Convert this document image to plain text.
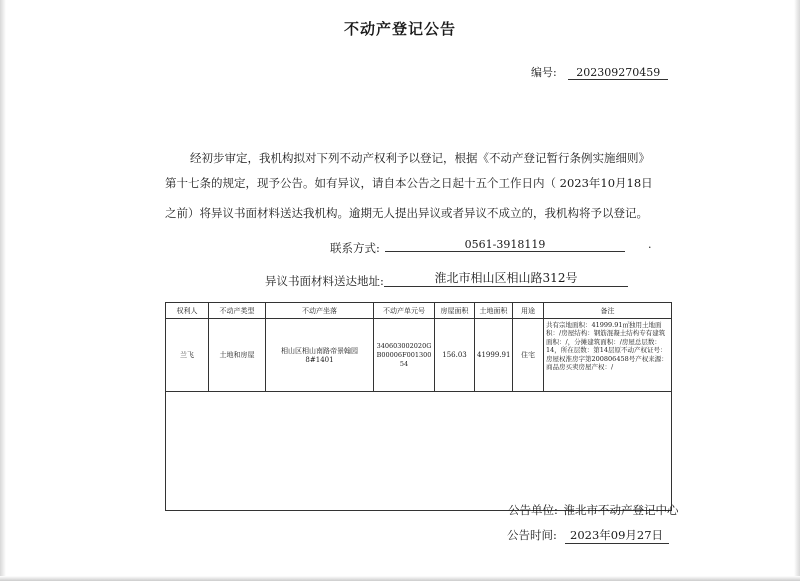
不动产登记公告
编号: 202309270459
经初步审定，我机构拟对下列不动产权利予以登记，根据《不动产登记暂行条例实施细则》
第十七条的规定，现予公告。如有异议，请自本公告之日起十五个工作日内（ 2023年10月18日
之前）将异议书面材料送达我机构。逾期无人提出异议或者异议不成立的，我机构将予以登记。
联系方式:	0561-3918119	.
异议书面材料送达地址:	淮北市相山区相山路312号
权利人	不动产类型	不动产坐落	不动产单元号	房屋面积	土地面积	用途	备注
兰飞	土地和房屋	相山区相山南路帝景翰园8#1401	340603002020GB00006F00130054	156.03	41999.91	住宅	共有宗地面积：41999.91㎡独用土地面积：/房屋结构：钢筋混凝土结构专有建筑面积：/，分摊建筑面积：/房屋总层数：14，所在层数：第14层原不动产权证号：房屋权淮房字第200806458号产权来源：商品房买卖房屋产权：/

公告单位: 淮北市不动产登记中心
公告时间: 2023年09月27日
